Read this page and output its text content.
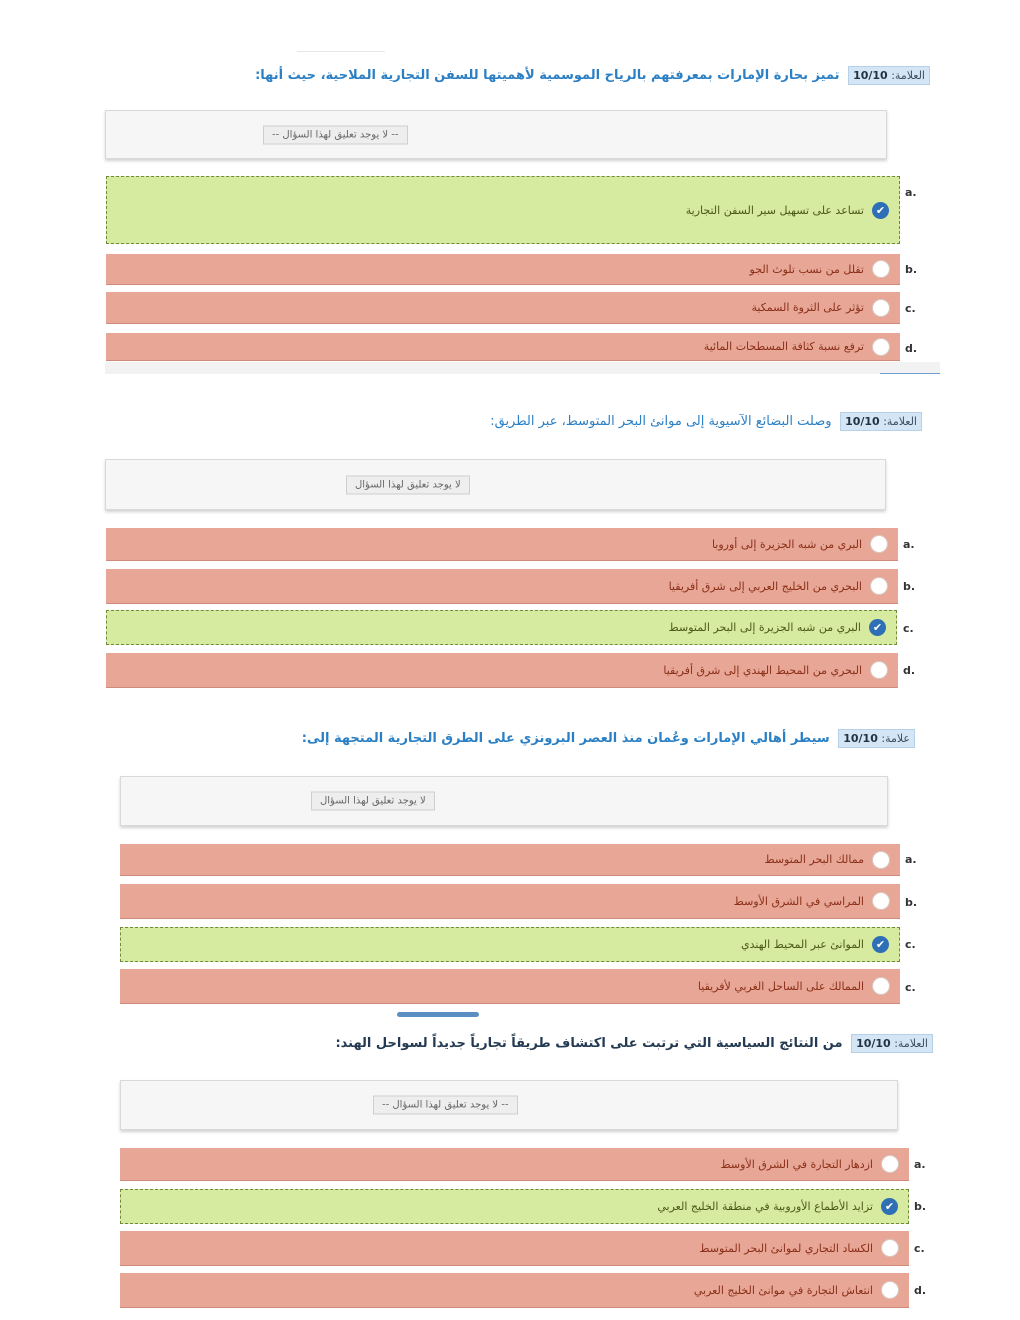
العلامة: 10/10 تميز بحارة الإمارات بمعرفتهم بالرياح الموسمية لأهميتها للسفن التجارية الملاحية، حيث أنها:
-- لا يوجد تعليق لهذا السؤال --
✔
تساعد على تسهيل سير السفن التجارية
a.
تقلل من نسب تلوث الجو	b.
تؤثر على الثروة السمكية	c.
ترفع نسبة كثافة المسطحات المائية	d.
العلامة: 10/10 وصلت البضائع الآسيوية إلى موانئ البحر المتوسط، عبر الطريق:
لا يوجد تعليق لهذا السؤال
البري من شبه الجزيرة إلى أوروبا	a.
البحري من الخليج العربي إلى شرق أفريقيا	b.
✔
البري من شبه الجزيرة إلى البحر المتوسط	c.
البحري من المحيط الهندي إلى شرق أفريقيا	d.
علامة: 10/10 سيطر أهالي الإمارات وعُمان منذ العصر البرونزي على الطرق التجارية المتجهة إلى:
لا يوجد تعليق لهذا السؤال
ممالك البحر المتوسط	a.
المراسي في الشرق الأوسط	b.
✔
الموانئ عبر المحيط الهندي	c.
الممالك على الساحل الغربي لأفريقيا	c.
العلامة: 10/10 من النتائج السياسية التي ترتبت على اكتشاف طريقاً تجارياً جديداً لسواحل الهند:
-- لا يوجد تعليق لهذا السؤال --
ازدهار التجارة في الشرق الأوسط	a.
✔
تزايد الأطماع الأوروبية في منطقة الخليج العربي	b.
الكساد التجاري لموانئ البحر المتوسط	c.
انتعاش التجارة في موانئ الخليج العربي	d.
